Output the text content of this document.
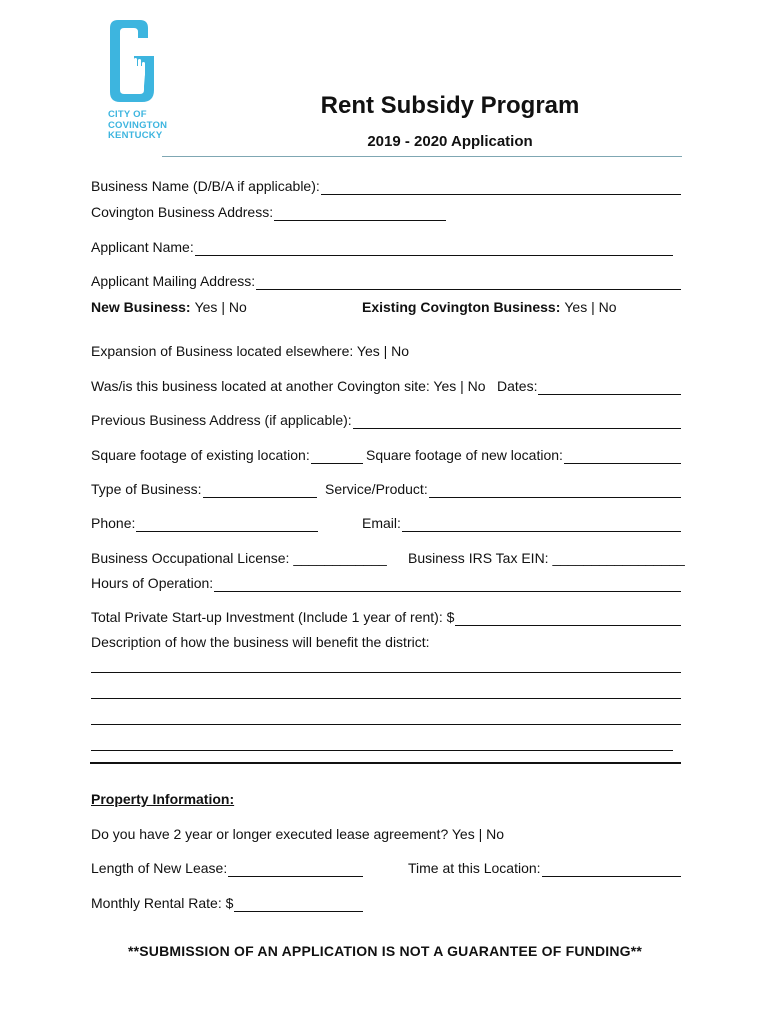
CITY OF
COVINGTON
KENTUCKY
Rent Subsidy Program
2019 - 2020 Application
Business Name (D/B/A if applicable):
Covington Business Address:
Applicant Name:
Applicant Mailing Address:
New Business: Yes | No	Existing Covington Business: Yes | No
Expansion of Business located elsewhere: Yes | No
Was/is this business located at another Covington site: Yes | No Dates:
Previous Business Address (if applicable):
Square footage of existing location:	Square footage of new location:
Type of Business:	Service/Product:
Phone:	Email:
Business Occupational License: ____________ Business IRS Tax EIN: _________________
Hours of Operation:
Total Private Start-up Investment (Include 1 year of rent): $
Description of how the business will benefit the district:
Property Information:
Do you have 2 year or longer executed lease agreement? Yes | No
Length of New Lease:	Time at this Location:
Monthly Rental Rate: $
**SUBMISSION OF AN APPLICATION IS NOT A GUARANTEE OF FUNDING**
